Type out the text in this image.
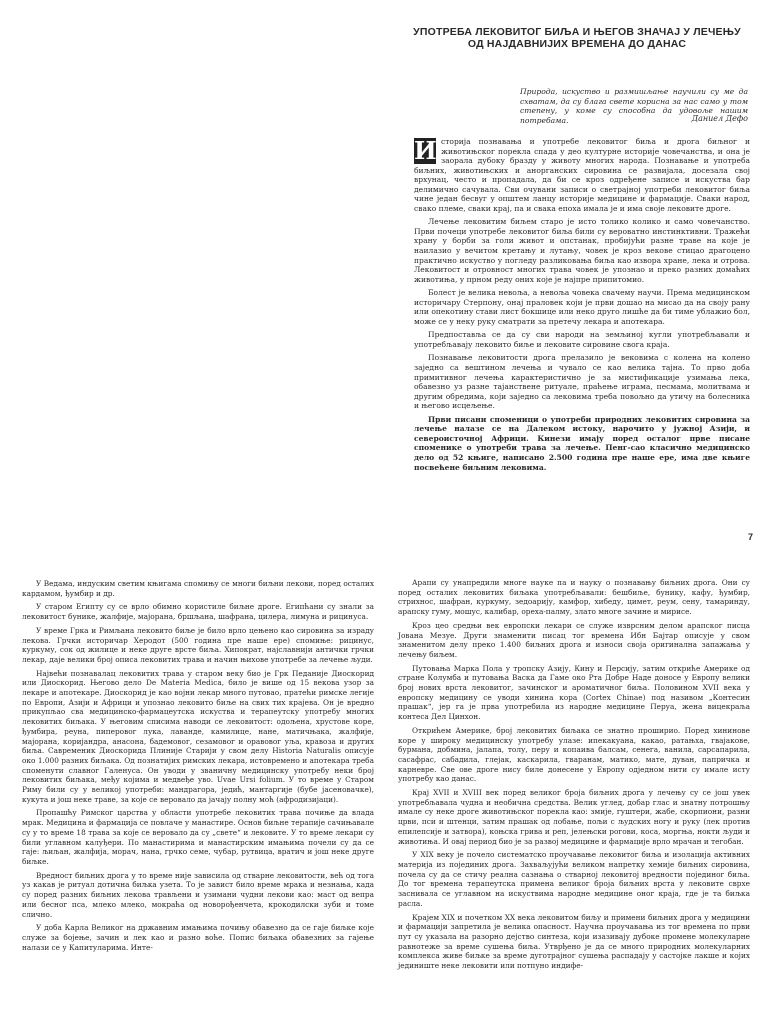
УПОТРЕБА ЛЕКОВИТОГ БИЉА И ЊЕГОВ ЗНАЧАЈ У ЛЕЧЕЊУ ОД НАЈДАВНИЈИХ ВРЕМЕНА ДО ДАНАС
Природа, искуство и размишљање научили су ме да схватам, да су блага свете корисна за нас само у том степену, у коме су способна да удовоље нашим потребама.	Даниел Дефо

И сторија познавања и употребе лековитог биља и дрога биљног и животињског порекла спада у део културне историје човечанства, и она је заорала дубоку бразду у животу многих народа. Познавање и употреба биљних, животињских и анорганских сировина се развијала, досезала свој врхунац, често и пропадала, да би се кроз одређене записе и искуства бар делимично сачувала. Сви очувани записи о светрајној употреби лековитог биља чине један бесвуг у општем ланцу историје медицине и фармације. Сваки народ, свако племе, сваки крај, па и свака епоха имала је и има своје лековите дроге.

Лечење лековитим биљем старо је исто толико колико и само човечанство. Први почеци употребе лековитог биља били су вероватно инстинктивни. Тражећи храну у борби за голи живот и опстанак, пробијући разне траве на које је наилазио у вечитом кретању и лутању, човек је кроз векове стицао драгоцено практично искуство у погледу разликовања биља као извора хране, лека и отрова. Лековитост и отровност многих трава човек је упознао и преко разних домаћих животиња, у прном реду оних које је најпре припитомио.

Болест је велика невоља, а невоља човека свачему научи. Према медицинском историчару Стерпону, онај праловек који је први дошао на мисао да на своју рану или опекотину стави лист бокшице или неко друго лишће да би тиме ублажио бол, може се у неку руку сматрати за претечу лекара и апотекара.

Предпоставља се да су сви народи на земљиној кугли употребљавали и употребљавају лековито биље и лековите сировине свога краја.

Познавање лековитости дрога прелазило је вековима с колена на колено заједно са вештином лечења и чувало се као велика тајна. То прво доба примитивног лечења карактеристично је за мистификације узимања лека, обавезно уз разне тајанствене ритуале, праћење играма, песмама, молитвама и другим обредима, који заједно са лековима треба повољно да утичу на болесника и његово исцељење.

Први писани споменици о употреби природних лековитих сировина за лечење налазе се на Далеком истоку, нарочито у јужној Азији, и североисточној Африци. Кинези имају поред осталог прве писане споменике о употреби трава за лечење. Пенг-сао класично медицинско дело од 52 књиге, написано 2.500 година пре наше ере, има две књиге посвећене биљним лековима.

7

У Ведама, индуским светим књигама спомињу се многи биљни лекови, поред осталих кардамом, ђумбир и др.

У старом Египту су се врло обимно користиле биљне дроге. Египћани су знали за лековитост бунике, жалфије, мајорана, бршљана, шафрана, цилера, лимуна и рицинуса.

У време Грка и Римљана лековито биље је било врло цењено као сировина за израду лекова. Грчки историчар Херодот (500 година пре наше ере) спомиње: рицинус, куркуму, сок од жилице и неке друге врсте биља. Хипократ, најславнији антички грчки лекар, даје велики број описа лековитих трава и начин њихове употребе за лечење људи.

Највећи познавалац лековитих трава у старом веку био је Грк Педаније Диоскорид или Диоскорид. Његово дело De Materia Medica, било је више од 15 векова узор за лекаре и апотекаре. Диоскорид је као војни лекар много путовао, пратећи римске легије по Европи, Азији и Африци и упознао лековито биље на свих тих крајева. Он је вредно прикупљао сва медицинско-фармацеутска искуства и терапеутску употребу многих лековитих биљака. У његовим списима наводи се лековитост: одољена, хрустове коре, ђумбира, реуна, пиперовог лука, лаванде, камилице, нане, матичњака, жалфије, мајорана, коријандра, анасона, бадемовог, сезамовог и оравовог уља, кравоза и других биља. Савременик Диоскорида Плиније Старији у свом делу Historia Naturalis описује око 1.000 разних биљака. Од познатијих римских лекара, истовремено и апотекара треба споменути славног Галенуса. Он уводи у званичну медицинску употребу неки број лековитих биљака, међу којима и медвеђе уво. Uvae Ursi folium. У то време у Старом Риму били су у великој употреби: мандрагора, једић, мантаргије (бубе јасеновачке), кукута и још неке траве, за које се веровало да јачају полну моћ (афродизијаци).

Пропашћу Римског царства у области употребе лековитих трава почиње да влада мрак. Медицина и фармација се повлаче у манастире. Основ биљне терапије сачињавале су у то време 18 трава за које се веровало да су „свете“ и лековите. У то време лекари су били углавном калуђери. По манастирима и манастирским имањима почели су да се гаје: љиљан, жалфија, морач, нана, грчко семе, чубар, рутвица, вратич и још неке друге биљке.

Вредност биљних дрога у то време није зависила од стварне лековитости, већ од тога уз какав је ритуал дотична биљка узета. То је завист било време мрака и незнања, када су поред разних биљних лекова трављени и узимани чудни лекови као: маст од вепра или бесног пса, млеко млеко, мокраћа од новорођенчета, крокодилски зуби и томе слично.

У доба Карла Великог на државним имањима почињу обавезно да се гаје биљке које служе за бојење, зачин и лек као и разно воће. Попис биљака обавезних за гајење налази се у Капитуларима. Инте-

Арапи су унапредили многе науке па и науку о познавању биљних дрога. Они су поред осталих лековитих биљака употребљавали: бешбиље, бунику, кафу, ђумбир, стрихнос, шафран, куркуму, зедоарију, камфор, хибеду, цимет, реум, сену, тамаринду, арапску гуму, мошус, калибар, ореха-палму, злато многе зачине и мирисе.

Кроз цео средњи век европски лекари се служе изврсним делом арапског писца Јована Мезуе. Други знаменити писац тог времена Ибн Бајтар описује у свом знаменитом делу преко 1.400 биљних дрога и износи своја оригинална запажања у лечењу биљем.

Путовања Марка Пола у тропску Азију, Кину и Персију, затим откриће Америке од стране Колумба и путовања Васка да Гаме око Рта Добре Наде доносе у Европу велики број нових врста лековитог, зачинског и ароматичног биља. Половином XVII века у европску медицину се уводи хинина кора (Cortex Chinae) под називом „Контесин прашак“, јер га је прва употребила из народне медицине Перуа, жена вицекраља контеса Дел Цинхон.

Открићем Америке, број лековитих биљака се знатно проширио. Поред хининове коре у широку медицинску употребу улазе: ипекакуана, какао, ратањха, гвајакове, бурмана, добмина, јалапа, толу, перу и копаива балсам, сенега, ванила, сарсапарила, сасафрас, сабадила, глејак, каскарила, гваранам, матико, мате, дуван, папричка и карневре. Све ове дроге нису биле донесене у Европу одједном нити су имале исту употребу као данас.

Крај XVII и XVIII век поред великог броја биљних дрога у лечењу су се још увек употребљавала чудна и необична средства. Велик углед, добар глас и знатну потрошњу имале су неке дроге животињског порекла као: змије, гуштери, жабе, скорпиони, разни црви, пси и штенци, затим прашак од лобање, пољи с људских ногу и руку (лек против епилепсије и затвора), коњска грива и реп, јелењски рогови, коса, моргња, нокти људи и животиња. И овај период био је за развој медицине и фармације врло мрачан и тегобан.

У XIX веку је почело систематско проучавање лековитог биља и изолација активних материја из појединих дрога. Захваљујући великом напретку хемије биљних сировина, почела су да се стичу реална сазнања о стварној лековитој вредности појединог биља. До тог времена терапеутска примена великог броја биљних врста у лековите сврхе заснивала се углавном на искуствима народне медицине оног краја, где је та биљка расла.

Крајем XIX и почетком XX века лековитом биљу и примени биљних дрога у медицини и фармацији запретила је велика опасност. Научна проучавања из тог времена по први пут су указала на разорно дејство синтеза, који изазивају дубоке промене молекуларне равнотеже за време сушења биља. Утврђено је да се много природних молекуларних комплекса живе биљке за време дуготрајног сушења распадају у састојке лакше и којих јединиште неке лековити или потпуно индифе-
